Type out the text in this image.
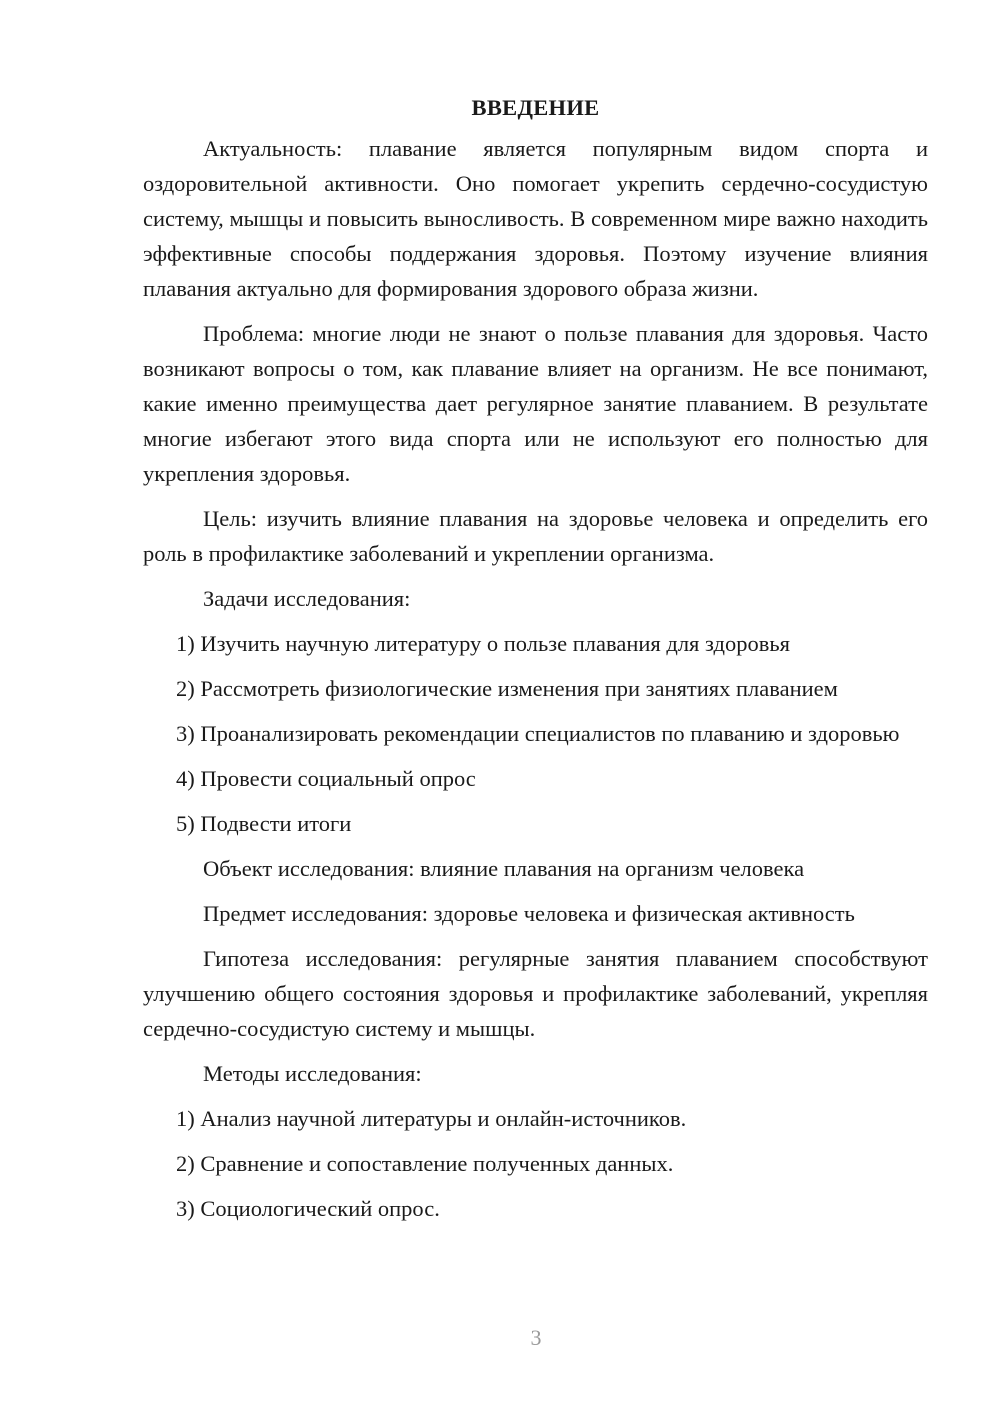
ВВЕДЕНИЕ

Актуальность: плавание является популярным видом спорта и оздоровительной активности. Оно помогает укрепить сердечно-сосудистую систему, мышцы и повысить выносливость. В современном мире важно находить эффективные способы поддержания здоровья. Поэтому изучение влияния плавания актуально для формирования здорового образа жизни.

Проблема: многие люди не знают о пользе плавания для здоровья. Часто возникают вопросы о том, как плавание влияет на организм. Не все понимают, какие именно преимущества дает регулярное занятие плаванием. В результате многие избегают этого вида спорта или не используют его полностью для укрепления здоровья.

Цель: изучить влияние плавания на здоровье человека и определить его роль в профилактике заболеваний и укреплении организма.

Задачи исследования:

1) Изучить научную литературу о пользе плавания для здоровья

2) Рассмотреть физиологические изменения при занятиях плаванием

3) Проанализировать рекомендации специалистов по плаванию и здоровью

4) Провести социальный опрос

5) Подвести итоги

Объект исследования: влияние плавания на организм человека

Предмет исследования: здоровье человека и физическая активность

Гипотеза исследования: регулярные занятия плаванием способствуют улучшению общего состояния здоровья и профилактике заболеваний, укрепляя сердечно-сосудистую систему и мышцы.

Методы исследования:

1) Анализ научной литературы и онлайн-источников.

2) Сравнение и сопоставление полученных данных.

3) Социологический опрос.

3
